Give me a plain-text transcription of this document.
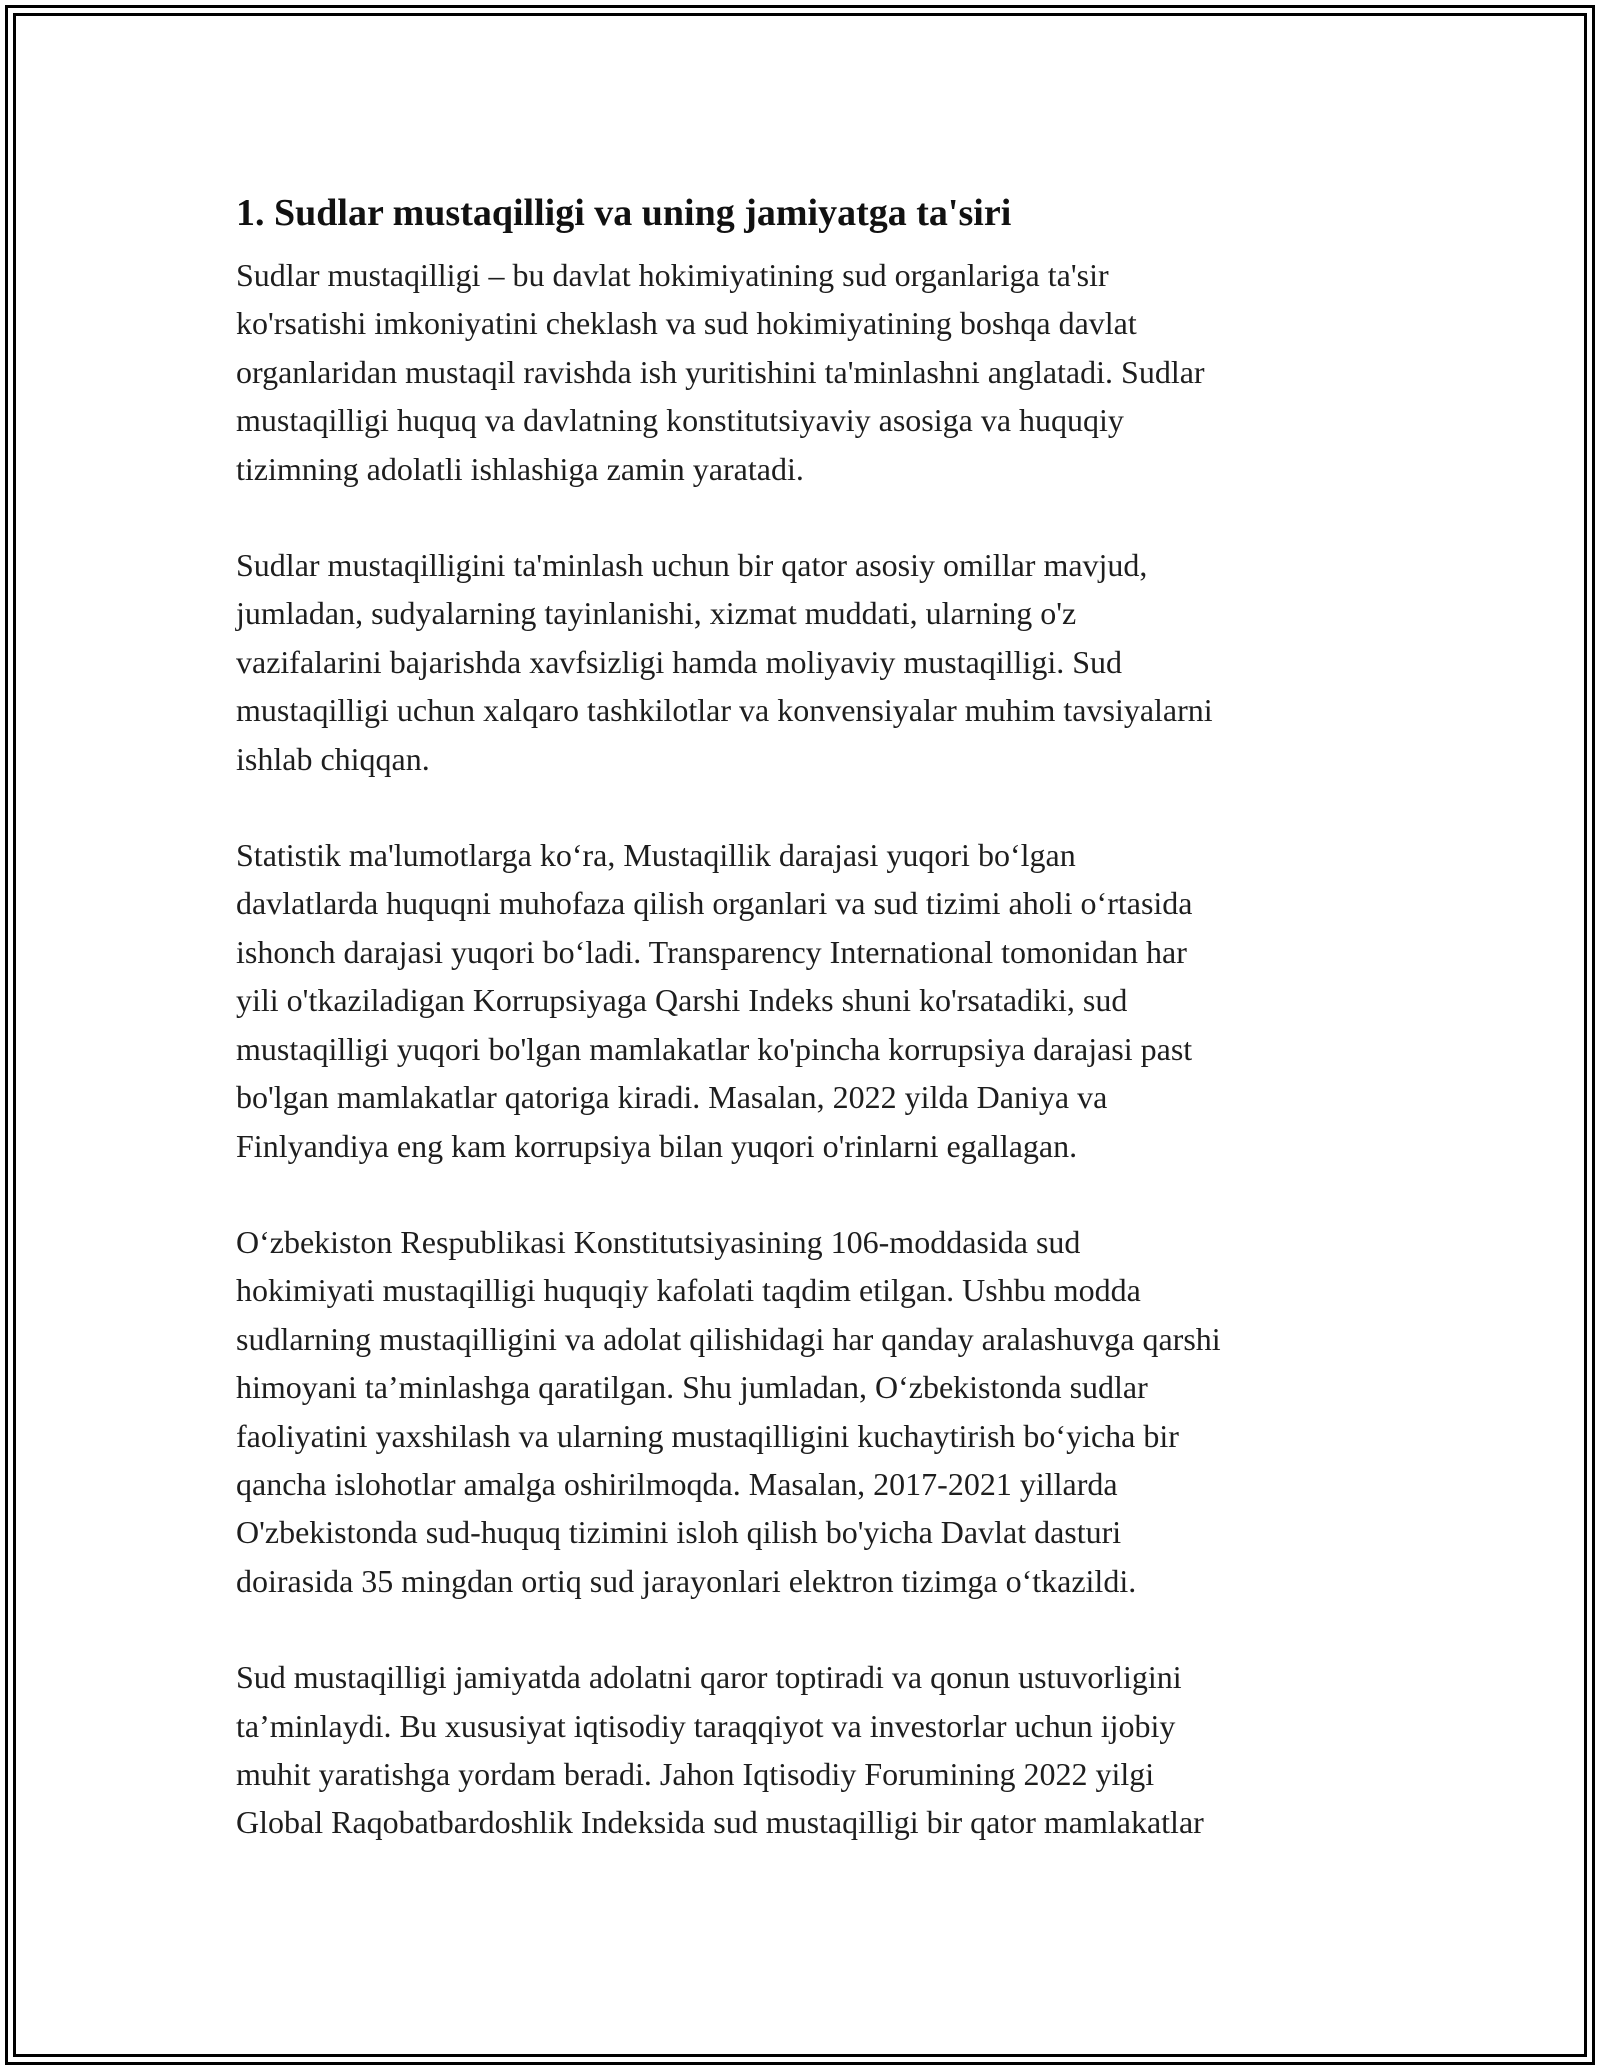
1. Sudlar mustaqilligi va uning jamiyatga ta'siri

Sudlar mustaqilligi – bu davlat hokimiyatining sud organlariga ta'sir
ko'rsatishi imkoniyatini cheklash va sud hokimiyatining boshqa davlat
organlaridan mustaqil ravishda ish yuritishini ta'minlashni anglatadi. Sudlar
mustaqilligi huquq va davlatning konstitutsiyaviy asosiga va huquqiy
tizimning adolatli ishlashiga zamin yaratadi.

Sudlar mustaqilligini ta'minlash uchun bir qator asosiy omillar mavjud,
jumladan, sudyalarning tayinlanishi, xizmat muddati, ularning o'z
vazifalarini bajarishda xavfsizligi hamda moliyaviy mustaqilligi. Sud
mustaqilligi uchun xalqaro tashkilotlar va konvensiyalar muhim tavsiyalarni
ishlab chiqqan.

Statistik ma'lumotlarga ko‘ra, Mustaqillik darajasi yuqori bo‘lgan
davlatlarda huquqni muhofaza qilish organlari va sud tizimi aholi o‘rtasida
ishonch darajasi yuqori bo‘ladi. Transparency International tomonidan har
yili o'tkaziladigan Korrupsiyaga Qarshi Indeks shuni ko'rsatadiki, sud
mustaqilligi yuqori bo'lgan mamlakatlar ko'pincha korrupsiya darajasi past
bo'lgan mamlakatlar qatoriga kiradi. Masalan, 2022 yilda Daniya va
Finlyandiya eng kam korrupsiya bilan yuqori o'rinlarni egallagan.

O‘zbekiston Respublikasi Konstitutsiyasining 106-moddasida sud
hokimiyati mustaqilligi huquqiy kafolati taqdim etilgan. Ushbu modda
sudlarning mustaqilligini va adolat qilishidagi har qanday aralashuvga qarshi
himoyani ta’minlashga qaratilgan. Shu jumladan, O‘zbekistonda sudlar
faoliyatini yaxshilash va ularning mustaqilligini kuchaytirish bo‘yicha bir
qancha islohotlar amalga oshirilmoqda. Masalan, 2017-2021 yillarda
O'zbekistonda sud-huquq tizimini isloh qilish bo'yicha Davlat dasturi
doirasida 35 mingdan ortiq sud jarayonlari elektron tizimga o‘tkazildi.

Sud mustaqilligi jamiyatda adolatni qaror toptiradi va qonun ustuvorligini
ta’minlaydi. Bu xususiyat iqtisodiy taraqqiyot va investorlar uchun ijobiy
muhit yaratishga yordam beradi. Jahon Iqtisodiy Forumining 2022 yilgi
Global Raqobatbardoshlik Indeksida sud mustaqilligi bir qator mamlakatlar
